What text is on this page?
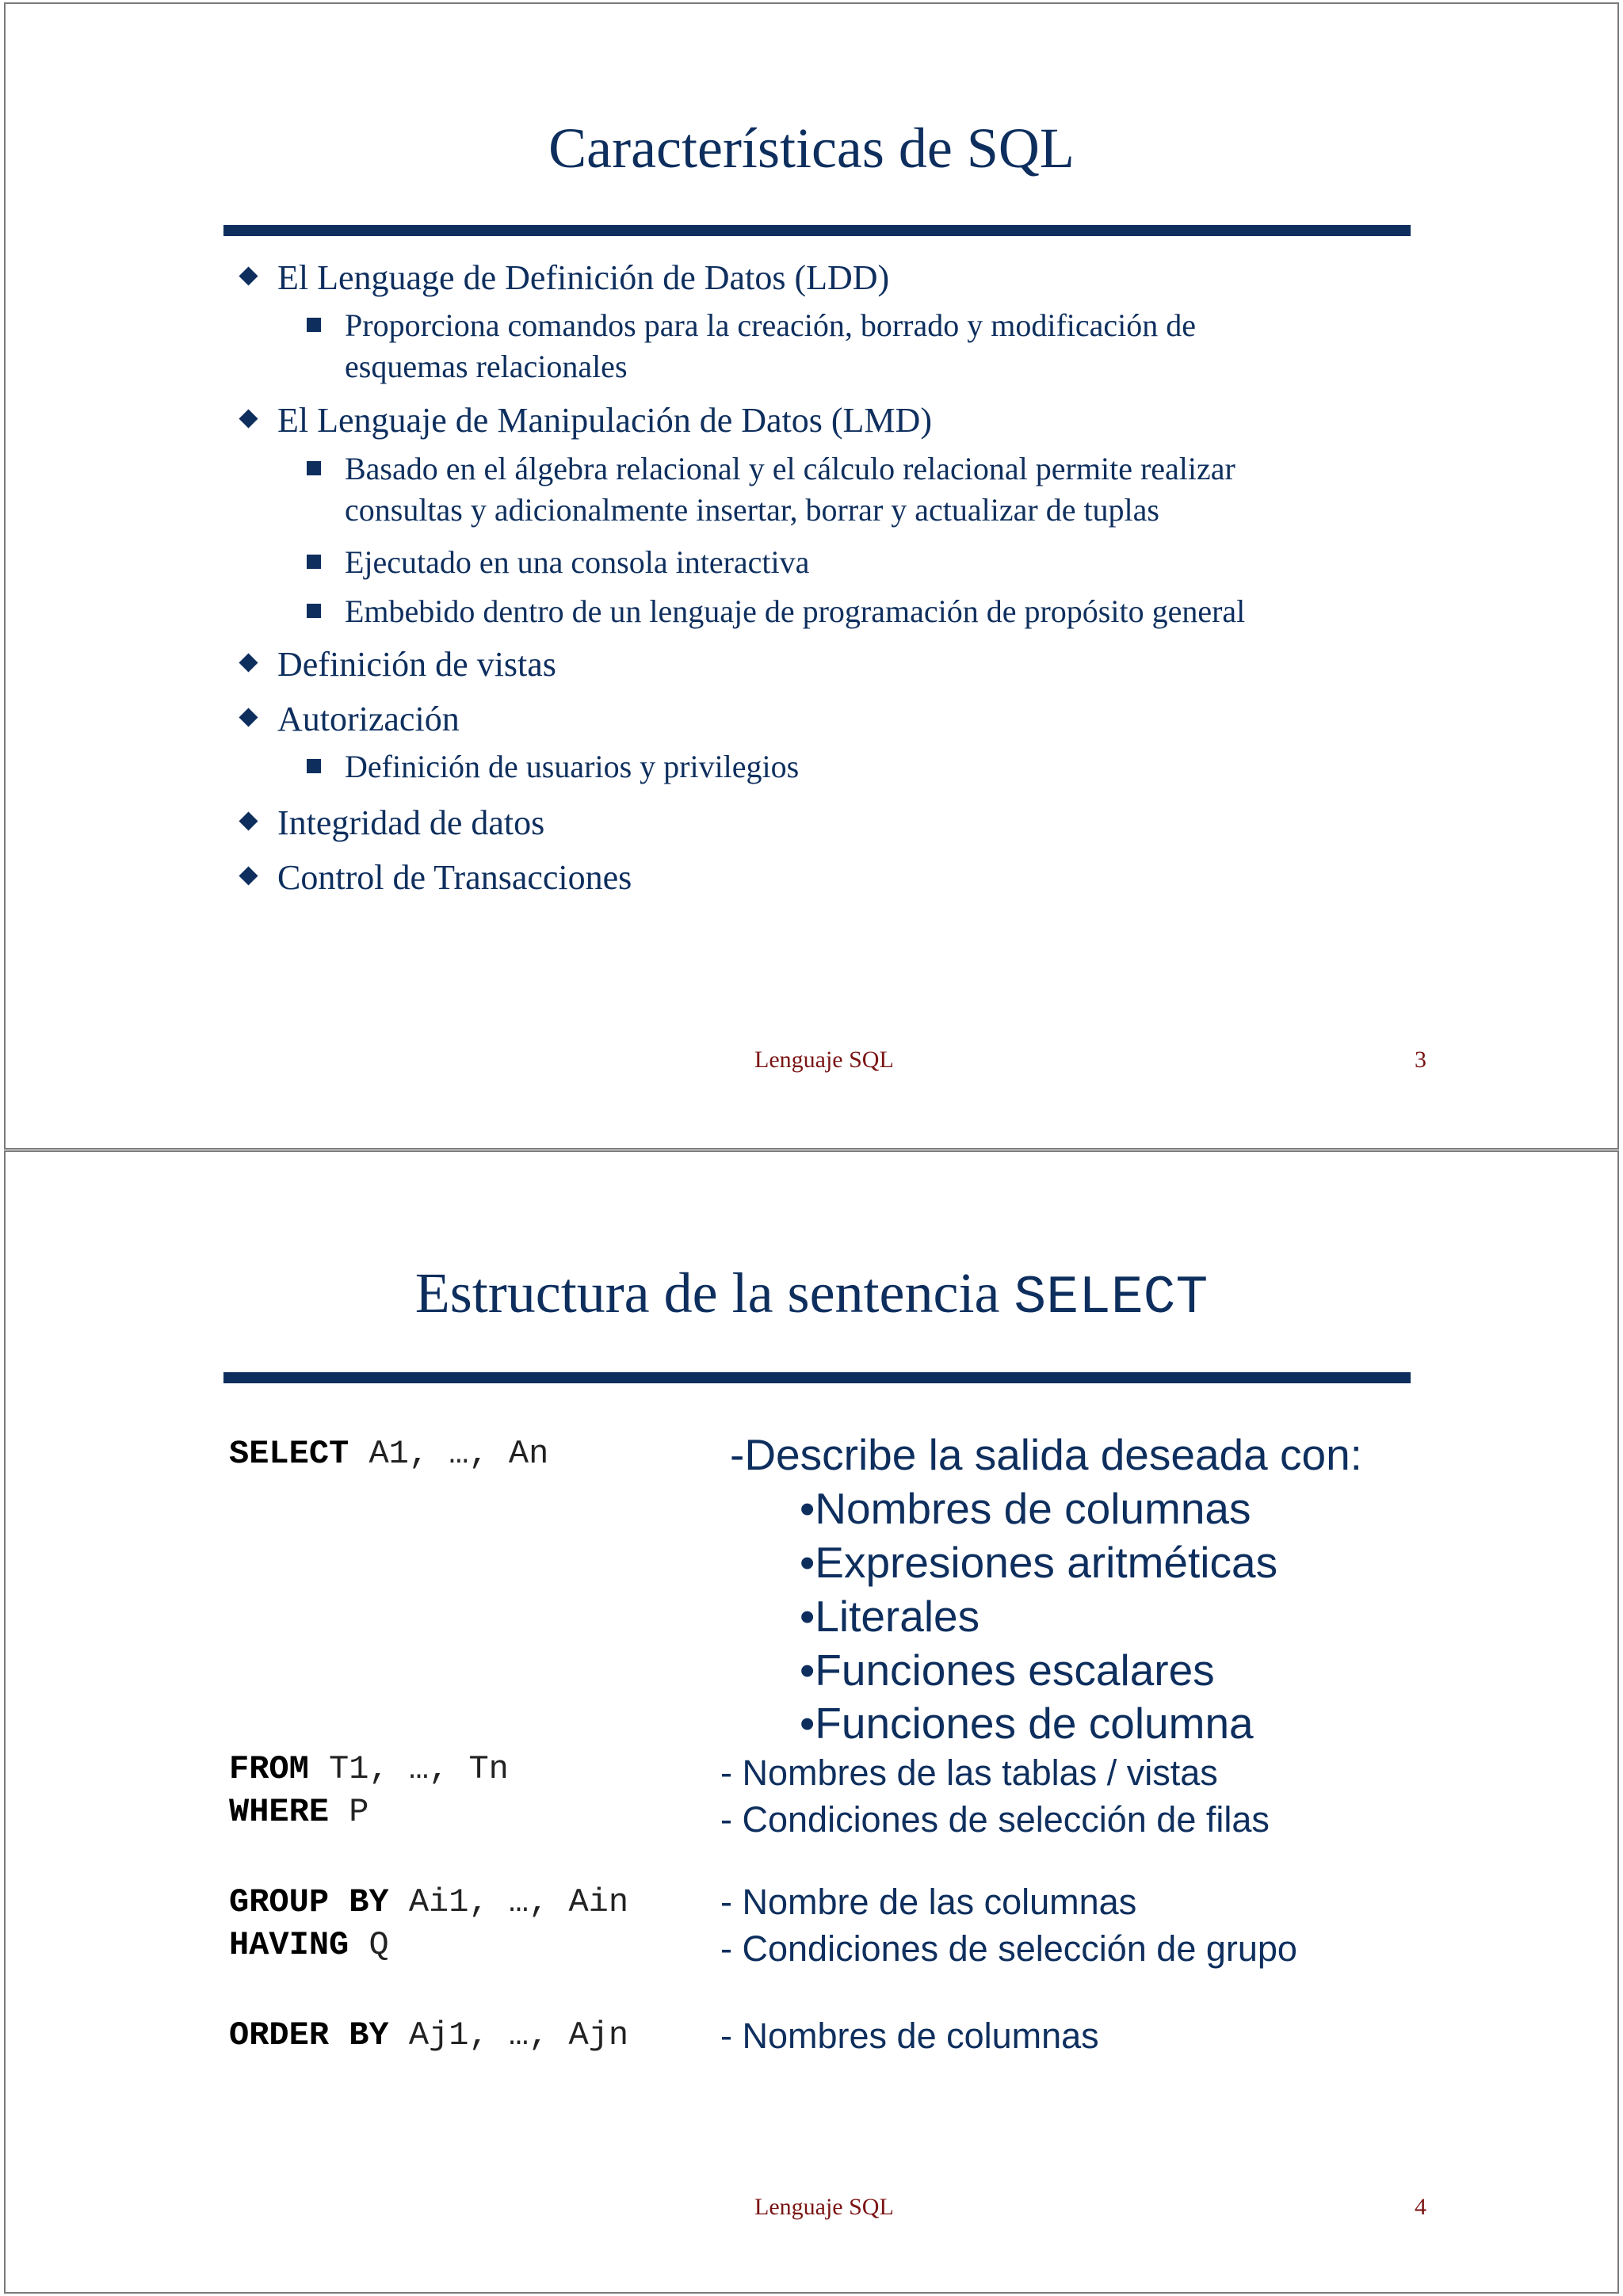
Características de SQL
El Lenguage de Definición de Datos (LDD)
Proporciona comandos para la creación, borrado y modificación de
esquemas relacionales
El Lenguaje de Manipulación de Datos (LMD)
Basado en el álgebra relacional y el cálculo relacional permite realizar
consultas y adicionalmente insertar, borrar y actualizar de tuplas
Ejecutado en una consola interactiva
Embebido dentro de un lenguaje de programación de propósito general
Definición de vistas
Autorización
Definición de usuarios y privilegios
Integridad de datos
Control de Transacciones
Lenguaje SQL	3
Estructura de la sentencia SELECT
SELECT A1, …, An
FROM T1, …, Tn
WHERE P
GROUP BY Ai1, …, Ain
HAVING Q
ORDER BY Aj1, …, Ajn
-Describe la salida deseada con:
•Nombres de columnas
•Expresiones aritméticas
•Literales
•Funciones escalares
•Funciones de columna
- Nombres de las tablas / vistas
- Condiciones de selección de filas
- Nombre de las columnas
- Condiciones de selección de grupo
- Nombres de columnas
Lenguaje SQL	4
